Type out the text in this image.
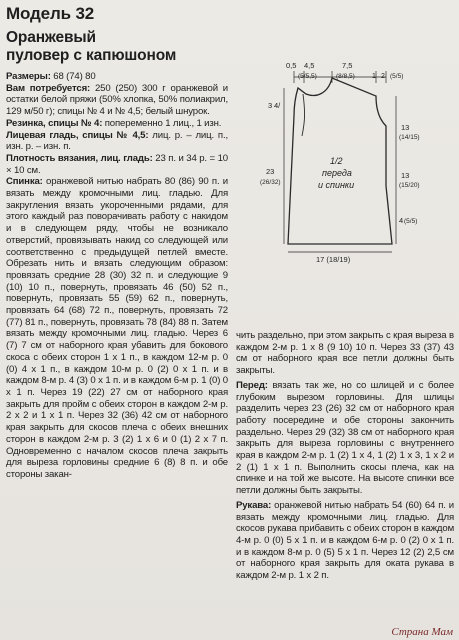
Модель 32
Оранжевый
пуловер с капюшоном

Размеры: 68 (74) 80

Вам потребуется: 250 (250) 300 г оранжевой и остатки белой пряжи (50% хлопка, 50% полиакрил, 129 м/50 г); спицы № 4 и № 4,5; белый шнурок.

Резинка, спицы № 4: попеременно 1 лиц., 1 изн.

Лицевая гладь, спицы № 4,5: лиц. р. – лиц. п., изн. р. – изн. п.

Плотность вязания, лиц. гладь: 23 п. и 34 р. = 10 × 10 см.

Спинка: оранжевой нитью набрать 80 (86) 90 п. и вязать между кромочными лиц. гладью. Для закругления вязать укороченными рядами, для этого каждый раз поворачивать работу с накидом и в следующем ряду, чтобы не возникало отверстий, провязывать накид со следующей или соответственно с предыдущей петлей вместе. Обрезать нить и вязать следующим образом: провязать средние 28 (30) 32 п. и следующие 9 (10) 10 п., повернуть, провязать 46 (50) 52 п., повернуть, провязать 55 (59) 62 п., повернуть, провязать 64 (68) 72 п., повернуть, провязать 72 (77) 81 п., повернуть, провязать 78 (84) 88 п. Затем вязать между кромочными лиц. гладью. Через 6 (7) 7 см от наборного края убавить для бокового скоса с обеих сторон 1 х 1 п., в каждом 12-м р. 0 (0) 4 х 1 п., в каждом 10-м р. 0 (2) 0 х 1 п. и в каждом 8-м р. 4 (3) 0 х 1 п. и в каждом 6-м р. 1 (0) 0 х 1 п. Через 19 (22) 27 см от наборного края закрыть для пройм с обеих сторон в каждом 2-м р. 2 х 2 и 1 х 1 п. Через 32 (36) 42 см от наборного края закрыть для скосов плеча с обеих внешних сторон в каждом 2-м р. 3 (2) 1 х 6 и 0 (1) 2 х 7 п. Одновременно с началом скосов плеча закрыть для выреза горловины средние 6 (8) 8 п. и обе стороны закан-

0,5 4,5
(5/5,5)
7,5
(8/8,5) 1 2 (5/5)
3 4/
23
(26/32)
13
(14/15)
13
(15/20)
4 (5/5)
1/2
переда
и спинки
17 (18/19)

чить раздельно, при этом закрыть с края выреза в каждом 2-м р. 1 х 8 (9 10) 10 п. Через 33 (37) 43 см от наборного края все петли должны быть закрыты.

Перед: вязать так же, но со шлицей и с более глубоким вырезом горловины. Для шлицы разделить через 23 (26) 32 см от наборного края работу посередине и обе стороны закончить раздельно. Через 29 (32) 38 см от наборного края закрыть для выреза горловины с внутреннего края в каждом 2-м р. 1 (2) 1 х 4, 1 (2) 1 х 3, 1 х 2 и 2 (1) 1 х 1 п. Выполнить скосы плеча, как на спинке и на той же высоте. На высоте спинки все петли должны быть закрыты.

Рукава: оранжевой нитью набрать 54 (60) 64 п. и вязать между кромочными лиц. гладью. Для скосов рукава прибавить с обеих сторон в каждом 4-м р. 0 (0) 5 х 1 п. и в каждом 6-м р. 0 (2) 0 х 1 п. и в каждом 8-м р. 0 (5) 5 х 1 п. Через 12 (2) 2,5 см от наборного края закрыть для оката рукава в каждом 2-м р. 1 х 2 п.

Страна Мам
